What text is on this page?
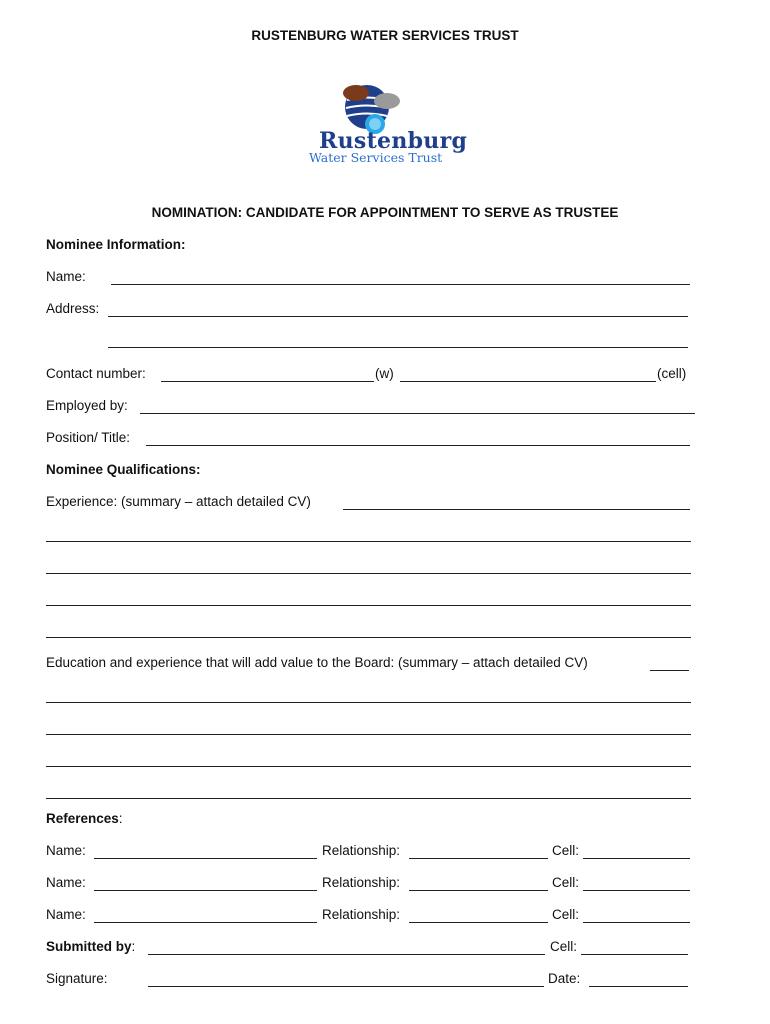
RUSTENBURG WATER SERVICES TRUST
Rustenburg
Water Services Trust
NOMINATION: CANDIDATE FOR APPOINTMENT TO SERVE AS TRUSTEE
Nominee Information:
Name:
Address:
Contact number:	(w)	(cell)
Employed by:
Position/ Title:
Nominee Qualifications:
Experience: (summary – attach detailed CV)
Education and experience that will add value to the Board: (summary – attach detailed CV)
References:
Name:	Relationship:	Cell:
Name:	Relationship:	Cell:
Name:	Relationship:	Cell:
Submitted by:	Cell:
Signature:	Date:
